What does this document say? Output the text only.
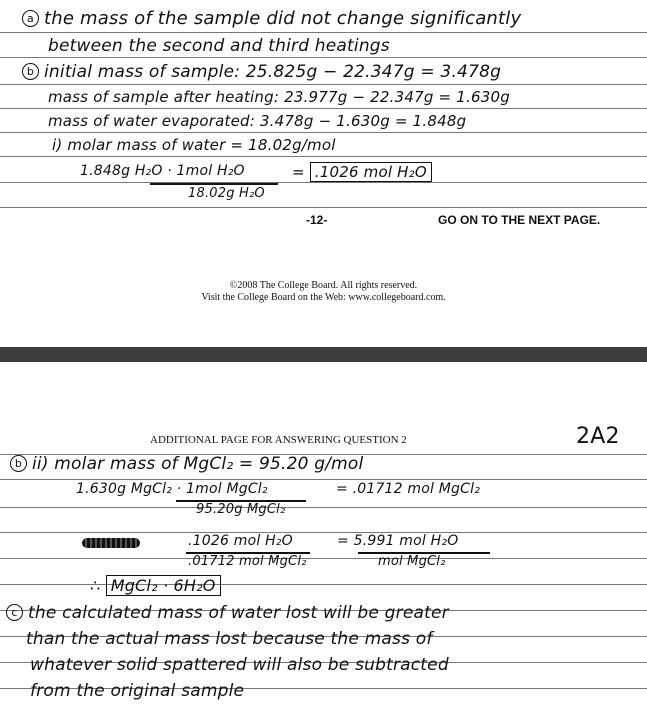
a the mass of the sample did not change significantly
between the second and third heatings
b initial mass of sample: 25.825g − 22.347g = 3.478g
mass of sample after heating: 23.977g − 22.347g = 1.630g
mass of water evaporated: 3.478g − 1.630g = 1.848g
i) molar mass of water = 18.02g/mol
1.848g H₂O · 1mol H₂O
18.02g H₂O
= .1026 mol H₂O
-12-	GO ON TO THE NEXT PAGE.
©2008 The College Board. All rights reserved.
Visit the College Board on the Web: www.collegeboard.com.
ADDITIONAL PAGE FOR ANSWERING QUESTION 2	2A2
b ii) molar mass of MgCl₂ = 95.20 g/mol
1.630g MgCl₂ · 1mol MgCl₂
95.20g MgCl₂
= .01712 mol MgCl₂
.1026 mol H₂O
.01712 mol MgCl₂
= 5.991 mol H₂O
mol MgCl₂
∴ MgCl₂ · 6H₂O
c the calculated mass of water lost will be greater
than the actual mass lost because the mass of
whatever solid spattered will also be subtracted
from the original sample
